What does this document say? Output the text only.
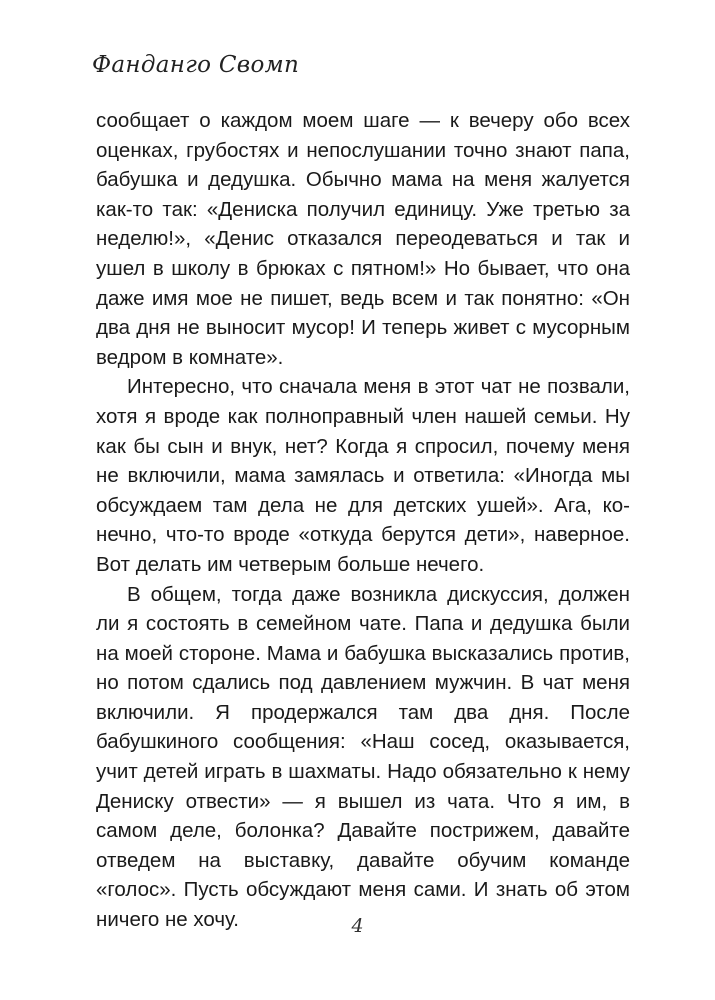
Фанданго Свомп

сообщает о каждом моем шаге — к вечеру обо всех оценках, грубостях и непослушании точно знают папа, бабушка и дедушка. Обычно мама на меня жалуется как-то так: «Дениска получил единицу. Уже третью за неделю!», «Денис отказался переодеваться и так и ушел в школу в брюках с пятном!» Но бывает, что она даже имя мое не пишет, ведь всем и так понятно: «Он два дня не выносит мусор! И теперь живет с мусорным ведром в комнате».

Интересно, что сначала меня в этот чат не позвали, хотя я вроде как полноправный член нашей семьи. Ну как бы сын и внук, нет? Когда я спросил, почему меня не включили, мама замялась и ответила: «Иногда мы обсуждаем там дела не для детских ушей». Ага, конечно, что-то вроде «откуда берутся дети», наверное. Вот делать им четверым больше нечего.

В общем, тогда даже возникла дискуссия, должен ли я состоять в семейном чате. Папа и дедушка были на моей стороне. Мама и бабушка высказались против, но потом сдались под давлением мужчин. В чат меня включили. Я продержался там два дня. После бабушкиного сообщения: «Наш сосед, оказывается, учит детей играть в шахматы. Надо обязательно к нему Дениску отвести» — я вышел из чата. Что я им, в самом деле, болонка? Давайте пострижем, давайте отведем на выставку, давайте обучим команде «голос». Пусть обсуждают меня сами. И знать об этом ничего не хочу.	4
